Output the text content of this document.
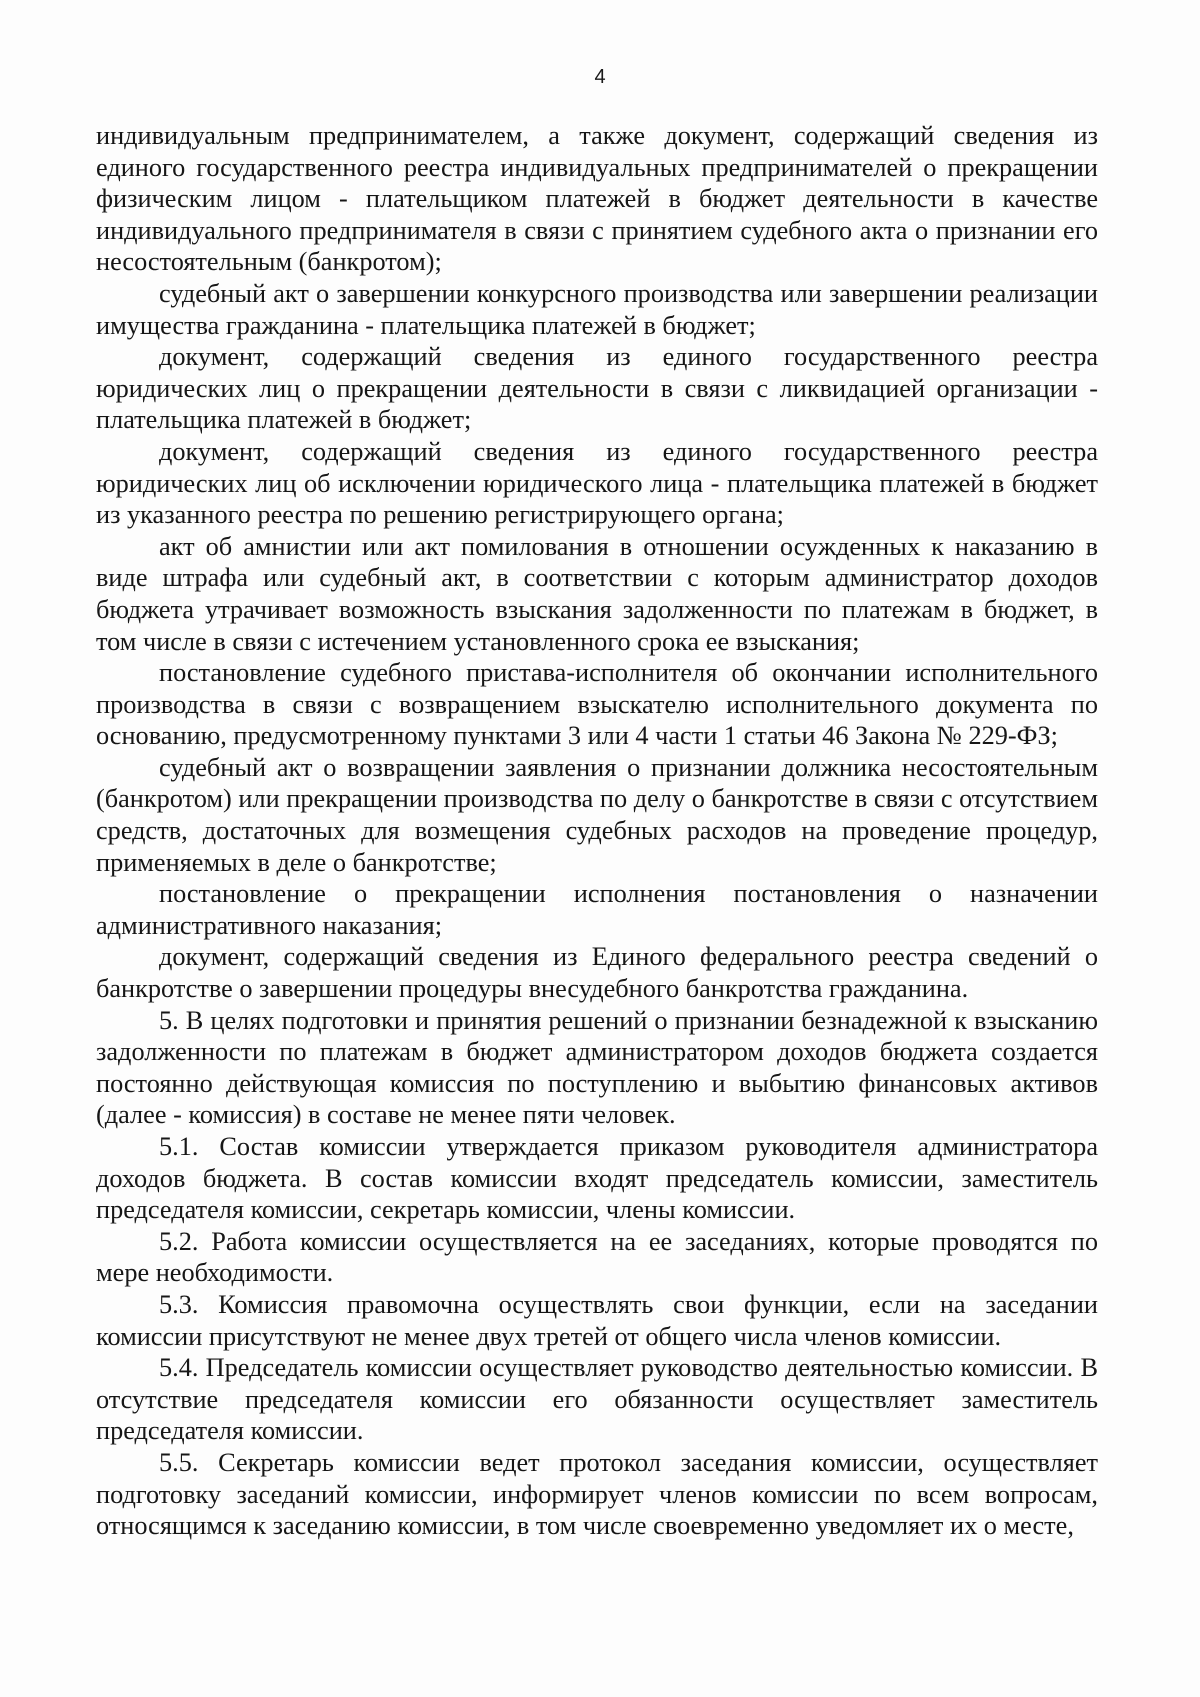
4

индивидуальным предпринимателем, а также документ, содержащий сведения из единого государственного реестра индивидуальных предпринимателей о прекращении физическим лицом - плательщиком платежей в бюджет деятельности в качестве индивидуального предпринимателя в связи с принятием судебного акта о признании его несостоятельным (банкротом);

судебный акт о завершении конкурсного производства или завершении реализации имущества гражданина - плательщика платежей в бюджет;

документ, содержащий сведения из единого государственного реестра юридических лиц о прекращении деятельности в связи с ликвидацией организации - плательщика платежей в бюджет;

документ, содержащий сведения из единого государственного реестра юридических лиц об исключении юридического лица - плательщика платежей в бюджет из указанного реестра по решению регистрирующего органа;

акт об амнистии или акт помилования в отношении осужденных к наказанию в виде штрафа или судебный акт, в соответствии с которым администратор доходов бюджета утрачивает возможность взыскания задолженности по платежам в бюджет, в том числе в связи с истечением установленного срока ее взыскания;

постановление судебного пристава-исполнителя об окончании исполнительного производства в связи с возвращением взыскателю исполнительного документа по основанию, предусмотренному пунктами 3 или 4 части 1 статьи 46 Закона № 229-ФЗ;

судебный акт о возвращении заявления о признании должника несостоятельным (банкротом) или прекращении производства по делу о банкротстве в связи с отсутствием средств, достаточных для возмещения судебных расходов на проведение процедур, применяемых в деле о банкротстве;

постановление о прекращении исполнения постановления о назначении административного наказания;

документ, содержащий сведения из Единого федерального реестра сведений о банкротстве о завершении процедуры внесудебного банкротства гражданина.

5. В целях подготовки и принятия решений о признании безнадежной к взысканию задолженности по платежам в бюджет администратором доходов бюджета создается постоянно действующая комиссия по поступлению и выбытию финансовых активов (далее - комиссия) в составе не менее пяти человек.

5.1. Состав комиссии утверждается приказом руководителя администратора доходов бюджета. В состав комиссии входят председатель комиссии, заместитель председателя комиссии, секретарь комиссии, члены комиссии.

5.2. Работа комиссии осуществляется на ее заседаниях, которые проводятся по мере необходимости.

5.3. Комиссия правомочна осуществлять свои функции, если на заседании комиссии присутствуют не менее двух третей от общего числа членов комиссии.

5.4. Председатель комиссии осуществляет руководство деятельностью комиссии. В отсутствие председателя комиссии его обязанности осуществляет заместитель председателя комиссии.

5.5. Секретарь комиссии ведет протокол заседания комиссии, осуществляет подготовку заседаний комиссии, информирует членов комиссии по всем вопросам, относящимся к заседанию комиссии, в том числе своевременно уведомляет их о месте,
